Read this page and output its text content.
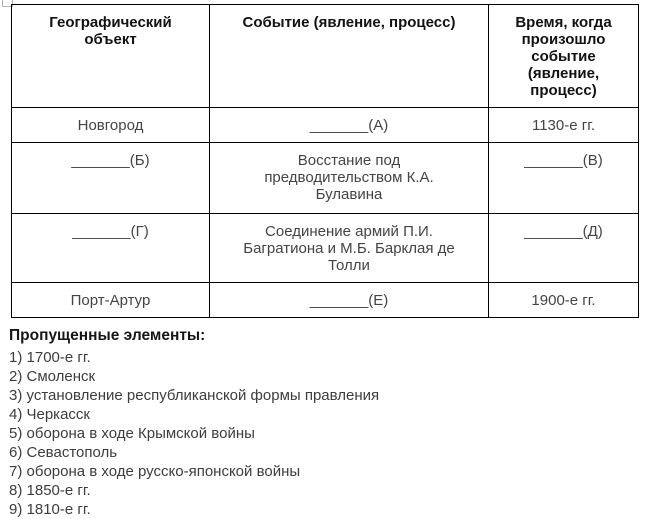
Географический объект	Событие (явление, процесс)	Время, когда произошло событие (явление, процесс)

Новгород	_______(А)	1130-е гг.
_______(Б)	Восстание под предводительством К.А. Булавина	_______(В)
_______(Г)	Соединение армий П.И. Багратиона и М.Б. Барклая де Толли	_______(Д)
Порт-Артур	_______(Е)	1900-е гг.
Пропущенные элементы:
1) 1700-е гг.
2) Смоленск
3) установление республиканской формы правления
4) Черкасск
5) оборона в ходе Крымской войны
6) Севастополь
7) оборона в ходе русско-японской войны
8) 1850-е гг.
9) 1810-е гг.
